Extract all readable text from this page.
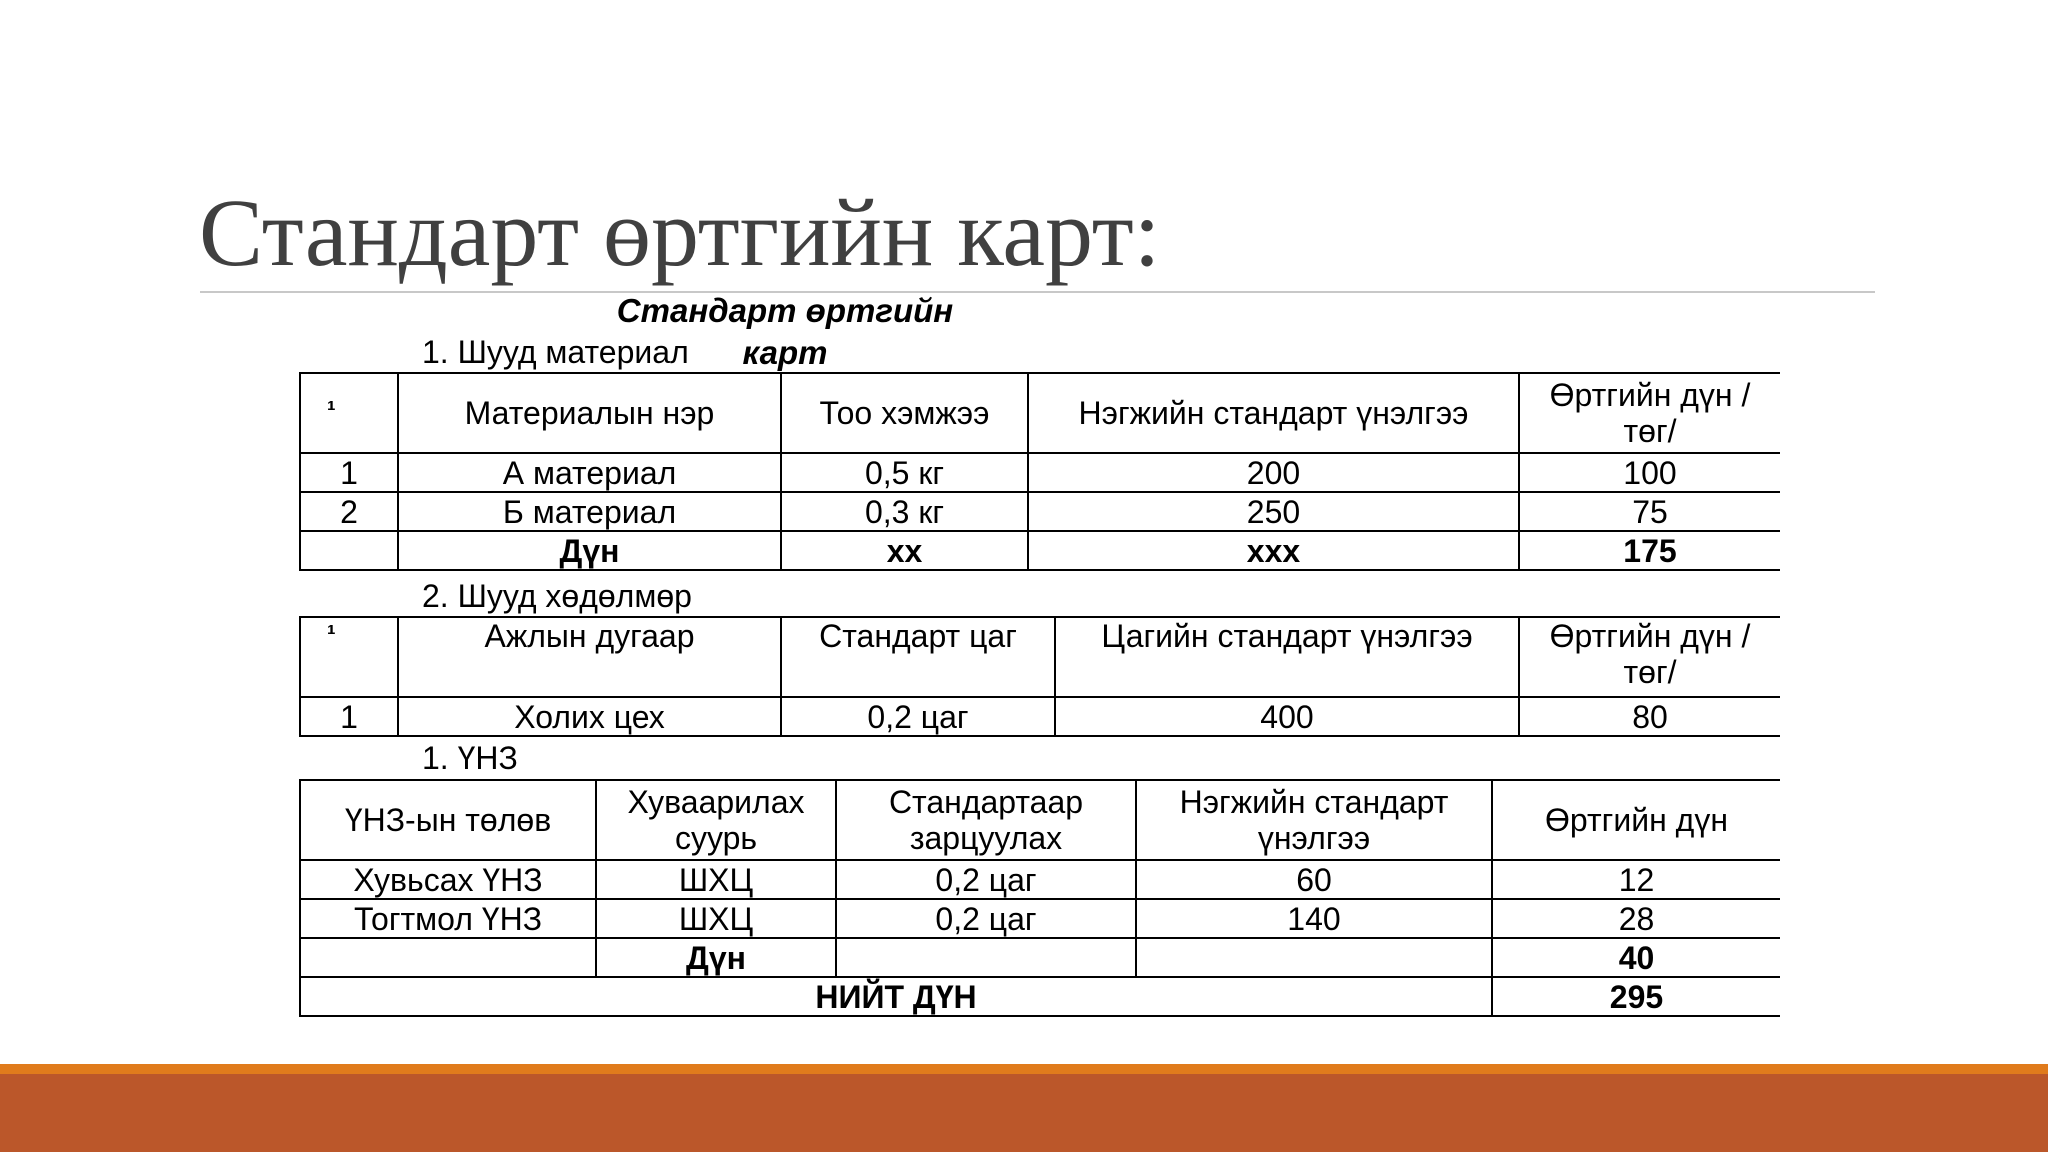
Стандарт өртгийн карт:
Стандарт өртгийн карт
1. Шууд материал
¹	Материалын нэр	Тоо хэмжээ	Нэгжийн стандарт үнэлгээ	Өртгийн дүн /төг/
1	А материал	0,5 кг	200	100
2	Б материал	0,3 кг	250	75
	Дүн	хх	ххх	175
2. Шууд хөдөлмөр
¹	Ажлын дугаар	Стандарт цаг	Цагийн стандарт үнэлгээ	Өртгийн дүн /төг/
1	Холих цех	0,2 цаг	400	80
1. ҮНЗ
ҮНЗ-ын төлөв	Хуваарилах суурь	Стандартаар зарцуулах	Нэгжийн стандарт үнэлгээ	Өртгийн дүн
Хувьсах ҮНЗ	ШХЦ	0,2 цаг	60	12
Тогтмол ҮНЗ	ШХЦ	0,2 цаг	140	28
	Дүн			40
НИЙТ ДҮН				295
